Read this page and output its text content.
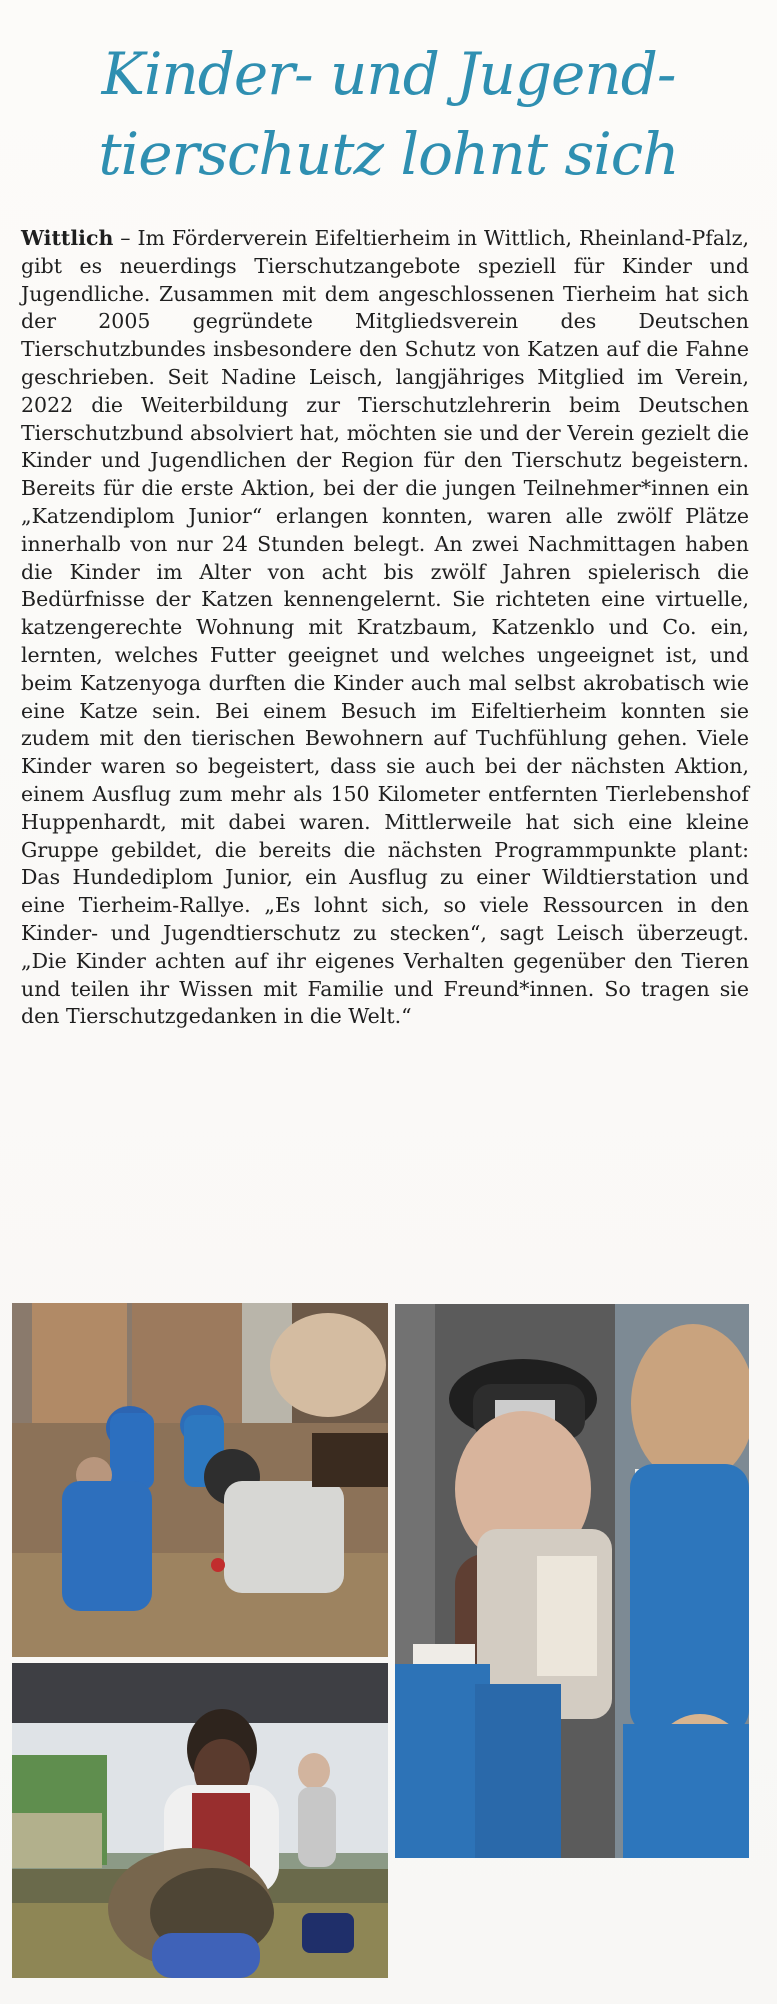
Kinder- und Jugend-
tierschutz lohnt sich
Wittlich – Im Förderverein Eifeltierheim in Wittlich, Rheinland-Pfalz, gibt es neuerdings Tierschutzangebote speziell für Kinder und Jugendliche. Zusammen mit dem angeschlossenen Tierheim hat sich der 2005 gegründete Mitgliedsverein des Deutschen Tierschutzbundes insbesondere den Schutz von Katzen auf die Fahne geschrieben. Seit Nadine Leisch, langjähriges Mitglied im Verein, 2022 die Weiterbildung zur Tierschutzlehrerin beim Deutschen Tierschutzbund absolviert hat, möchten sie und der Verein gezielt die Kinder und Jugendlichen der Region für den Tierschutz begeistern. Bereits für die erste Aktion, bei der die jungen Teilnehmer*innen ein „Katzendiplom Junior“ erlangen konnten, waren alle zwölf Plätze innerhalb von nur 24 Stunden belegt. An zwei Nachmittagen haben die Kinder im Alter von acht bis zwölf Jahren spielerisch die Bedürfnisse der Katzen kennengelernt. Sie richteten eine virtuelle, katzengerechte Wohnung mit Kratzbaum, Katzenklo und Co. ein, lernten, welches Futter geeignet und welches ungeeignet ist, und beim Katzenyoga durften die Kinder auch mal selbst akrobatisch wie eine Katze sein. Bei einem Besuch im Eifeltierheim konnten sie zudem mit den tierischen Bewohnern auf Tuchfühlung gehen. Viele Kinder waren so begeistert, dass sie auch bei der nächsten Aktion, einem Ausflug zum mehr als 150 Kilometer entfernten Tierlebenshof Huppenhardt, mit dabei waren. Mittlerweile hat sich eine kleine Gruppe gebildet, die bereits die nächsten Programmpunkte plant: Das Hundediplom Junior, ein Ausflug zu einer Wildtierstation und eine Tierheim-Rallye. „Es lohnt sich, so viele Ressourcen in den Kinder- und Jugendtierschutz zu stecken“, sagt Leisch überzeugt. „Die Kinder achten auf ihr eigenes Verhalten gegenüber den Tieren und teilen ihr Wissen mit Familie und Freund*innen. So tragen sie den Tierschutzgedanken in die Welt.“
